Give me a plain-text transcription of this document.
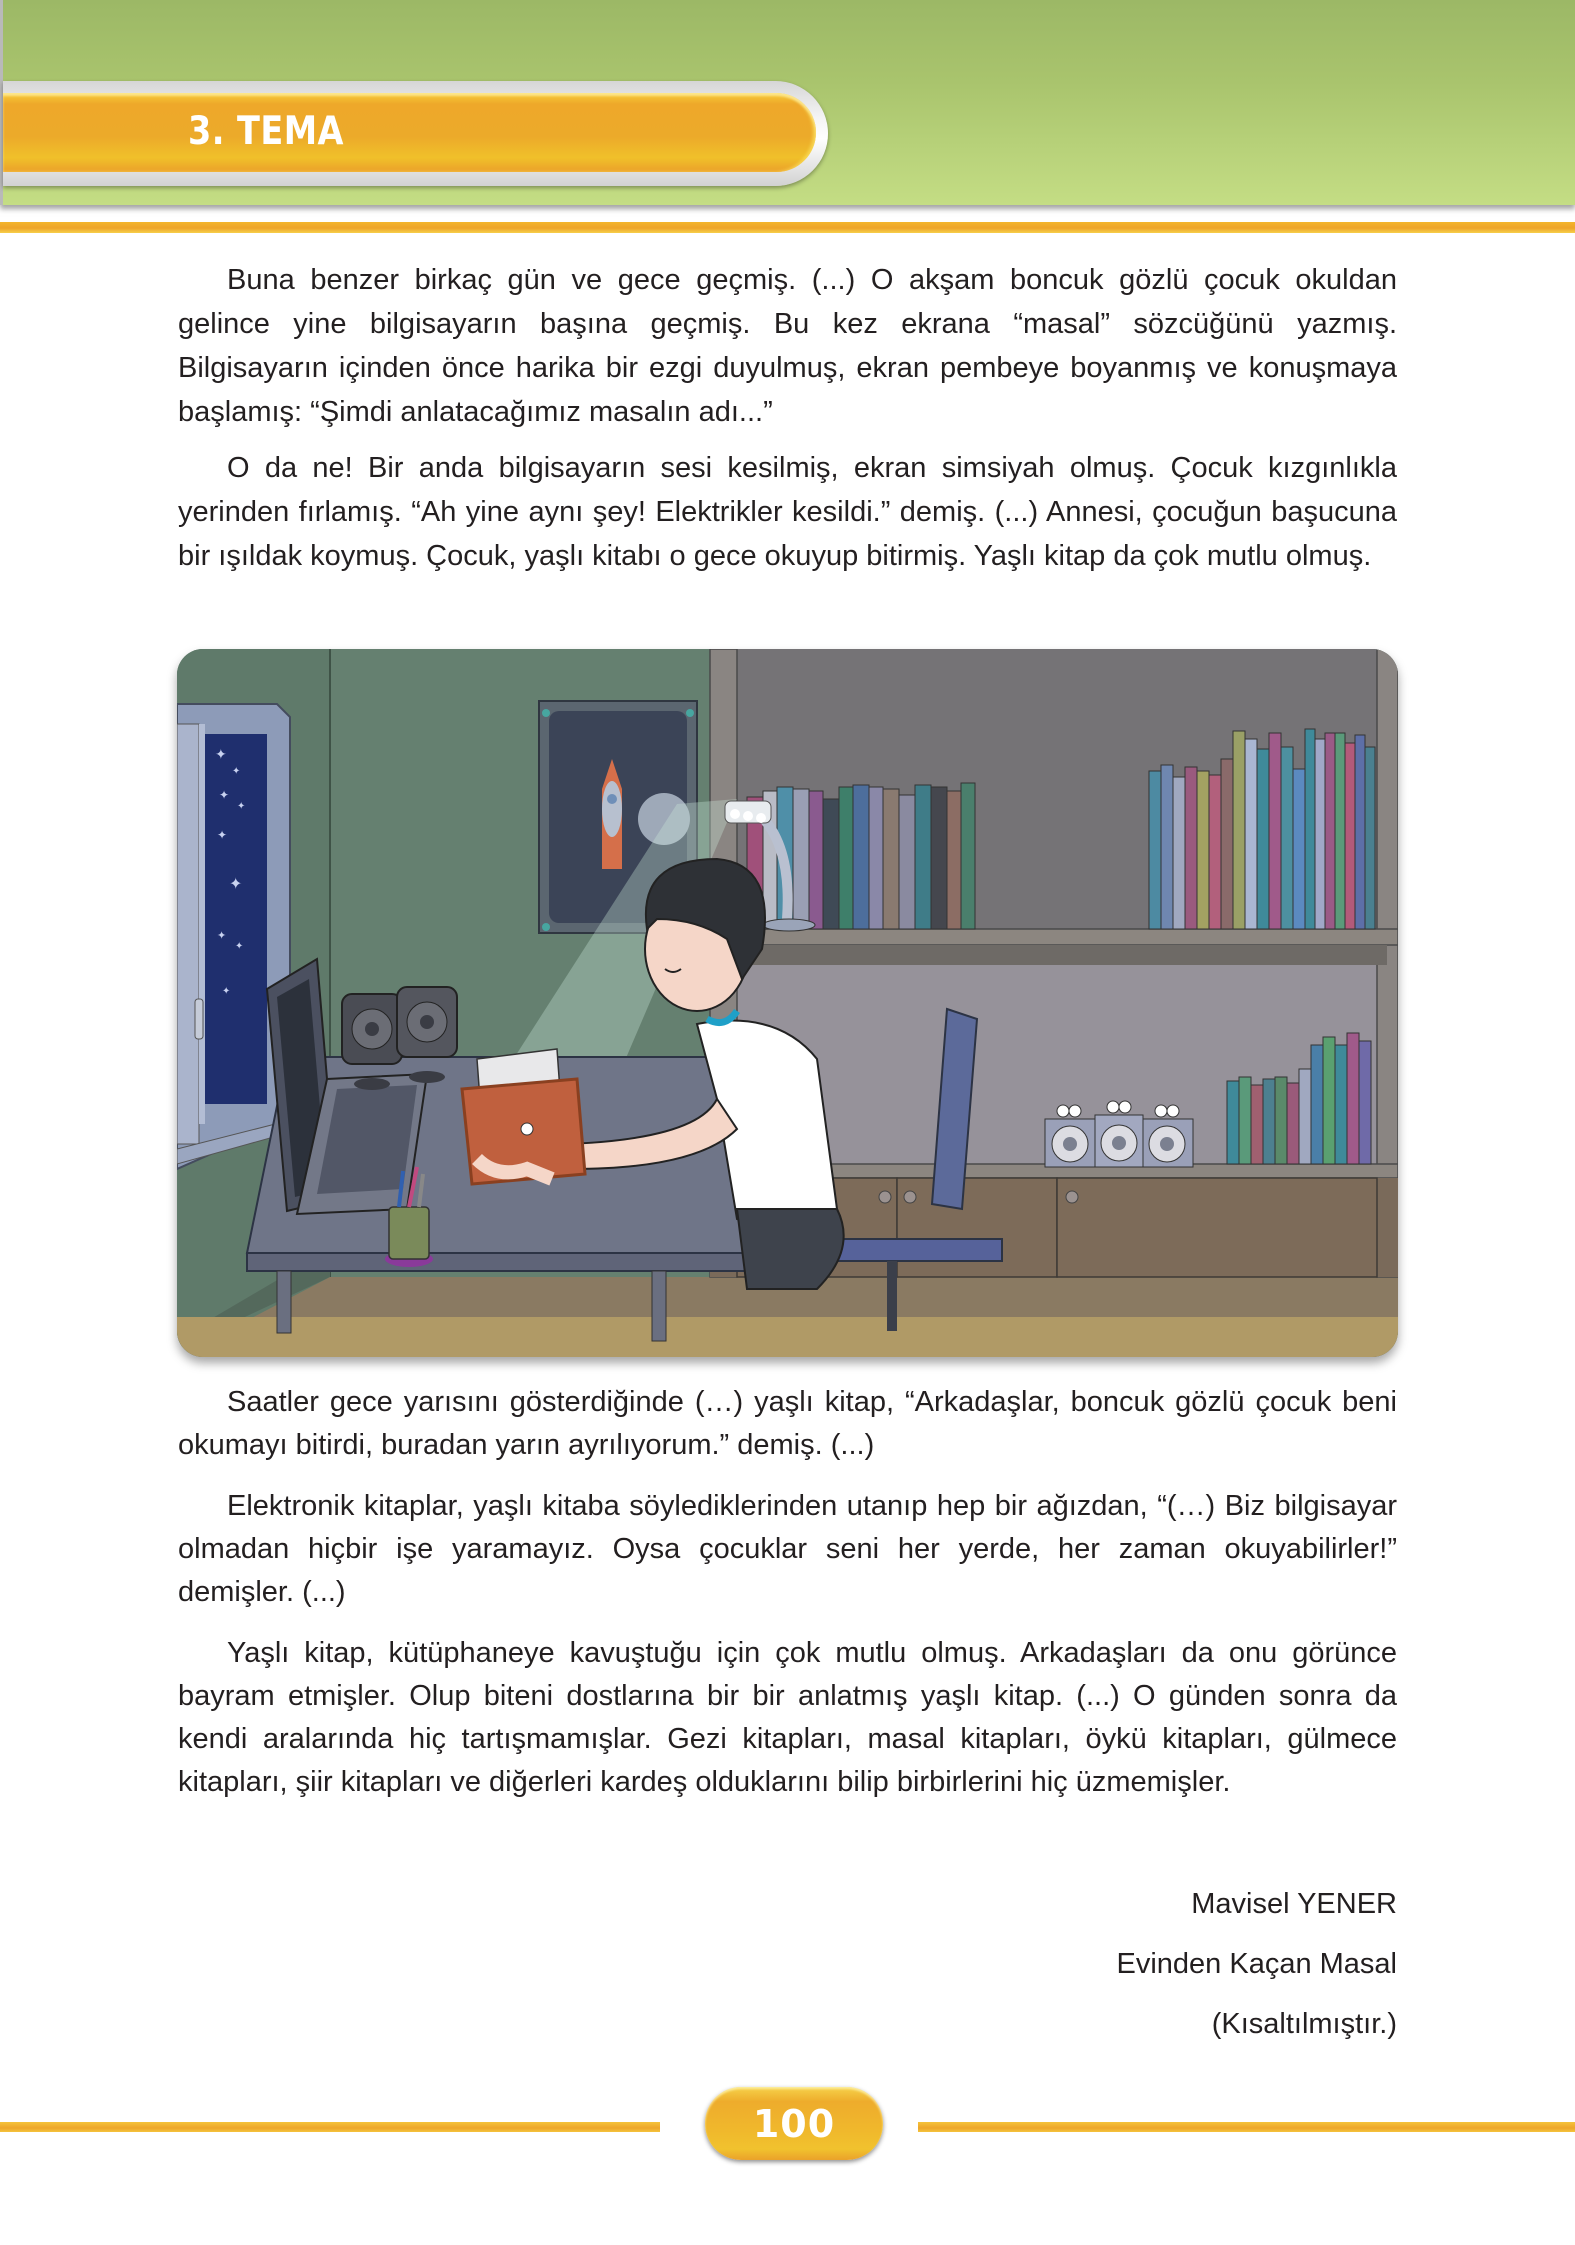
3. TEMA

Buna benzer birkaç gün ve gece geçmiş. (...) O akşam boncuk gözlü çocuk okuldan gelince yine bilgisayarın başına geçmiş. Bu kez ekrana “masal” sözcüğünü yazmış. Bilgisayarın içinden önce harika bir ezgi duyulmuş, ekran pembeye boyanmış ve konuşmaya başlamış: “Şimdi anlatacağımız masalın adı...”

O da ne! Bir anda bilgisayarın sesi kesilmiş, ekran simsiyah olmuş. Çocuk kızgınlıkla yerinden fırlamış. “Ah yine aynı şey! Elektrikler kesildi.” demiş. (...) Annesi, çocuğun başucuna bir ışıldak koymuş. Çocuk, yaşlı kitabı o gece okuyup bitirmiş. Yaşlı kitap da çok mutlu olmuş.

✦
✦
✦
✦
✦
✦
✦
✦
✦

Saatler gece yarısını gösterdiğinde (…) yaşlı kitap, “Arkadaşlar, boncuk gözlü çocuk beni okumayı bitirdi, buradan yarın ayrılıyorum.” demiş. (...)

Elektronik kitaplar, yaşlı kitaba söylediklerinden utanıp hep bir ağızdan, “(…) Biz bilgisayar olmadan hiçbir işe yaramayız. Oysa çocuklar seni her yerde, her zaman okuyabilirler!” demişler. (...)

Yaşlı kitap, kütüphaneye kavuştuğu için çok mutlu olmuş. Arkadaşları da onu görünce bayram etmişler. Olup biteni dostlarına bir bir anlatmış yaşlı kitap. (...) O günden sonra da kendi aralarında hiç tartışmamışlar. Gezi kitapları, masal kitapları, öykü kitapları, gülmece kitapları, şiir kitapları ve diğerleri kardeş olduklarını bilip birbirlerini hiç üzmemişler.

Mavisel YENER
Evinden Kaçan Masal
(Kısaltılmıştır.)
100
